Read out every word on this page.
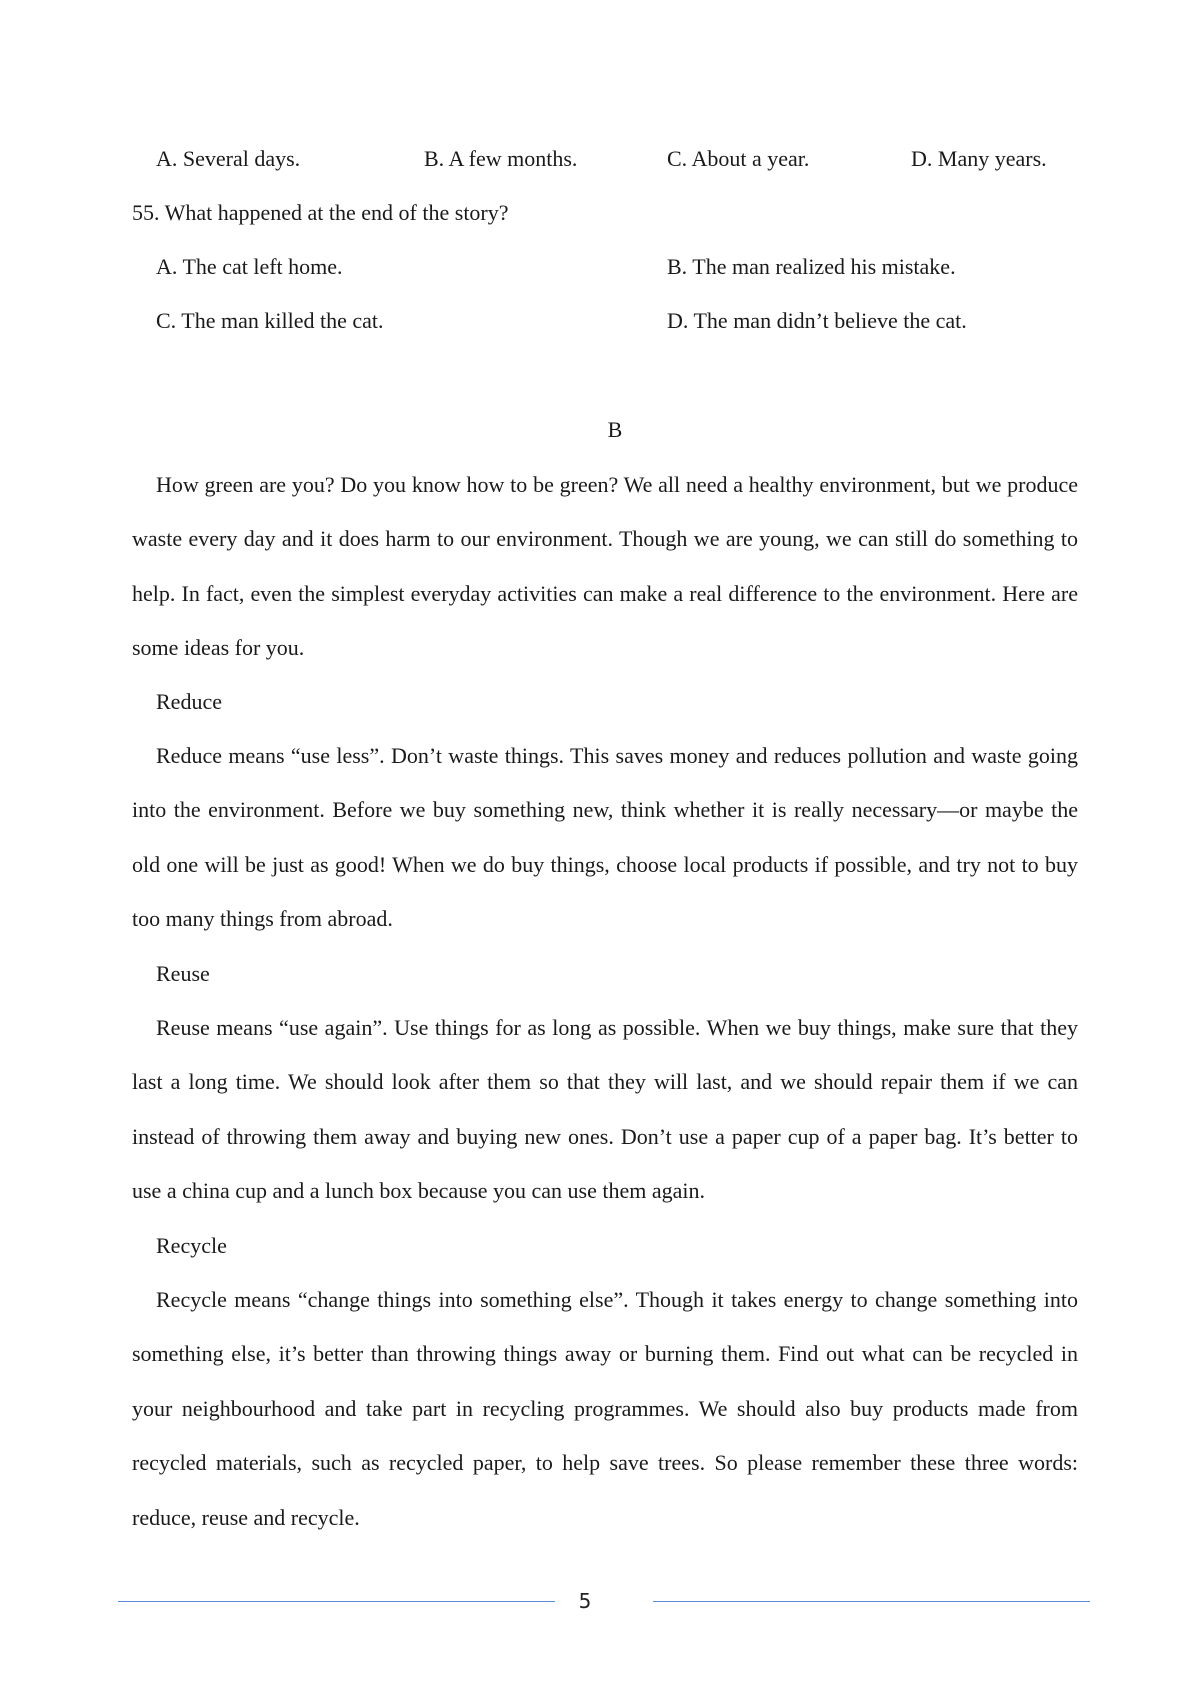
A. Several days.	B. A few months.	C. About a year.	D. Many years.
55. What happened at the end of the story?
A. The cat left home.	B. The man realized his mistake.
C. The man killed the cat.	D. The man didn’t believe the cat.
B

How green are you? Do you know how to be green? We all need a healthy environment, but we produce waste every day and it does harm to our environment. Though we are young, we can still do something to help. In fact, even the simplest everyday activities can make a real difference to the environment. Here are some ideas for you.

Reduce

Reduce means “use less”. Don’t waste things. This saves money and reduces pollution and waste going into the environment. Before we buy something new, think whether it is really necessary—or maybe the old one will be just as good! When we do buy things, choose local products if possible, and try not to buy too many things from abroad.

Reuse

Reuse means “use again”. Use things for as long as possible. When we buy things, make sure that they last a long time. We should look after them so that they will last, and we should repair them if we can instead of throwing them away and buying new ones. Don’t use a paper cup of a paper bag. It’s better to use a china cup and a lunch box because you can use them again.

Recycle

Recycle means “change things into something else”. Though it takes energy to change something into something else, it’s better than throwing things away or burning them. Find out what can be recycled in your neighbourhood and take part in recycling programmes. We should also buy products made from recycled materials, such as recycled paper, to help save trees. So please remember these three words: reduce, reuse and recycle.

5
